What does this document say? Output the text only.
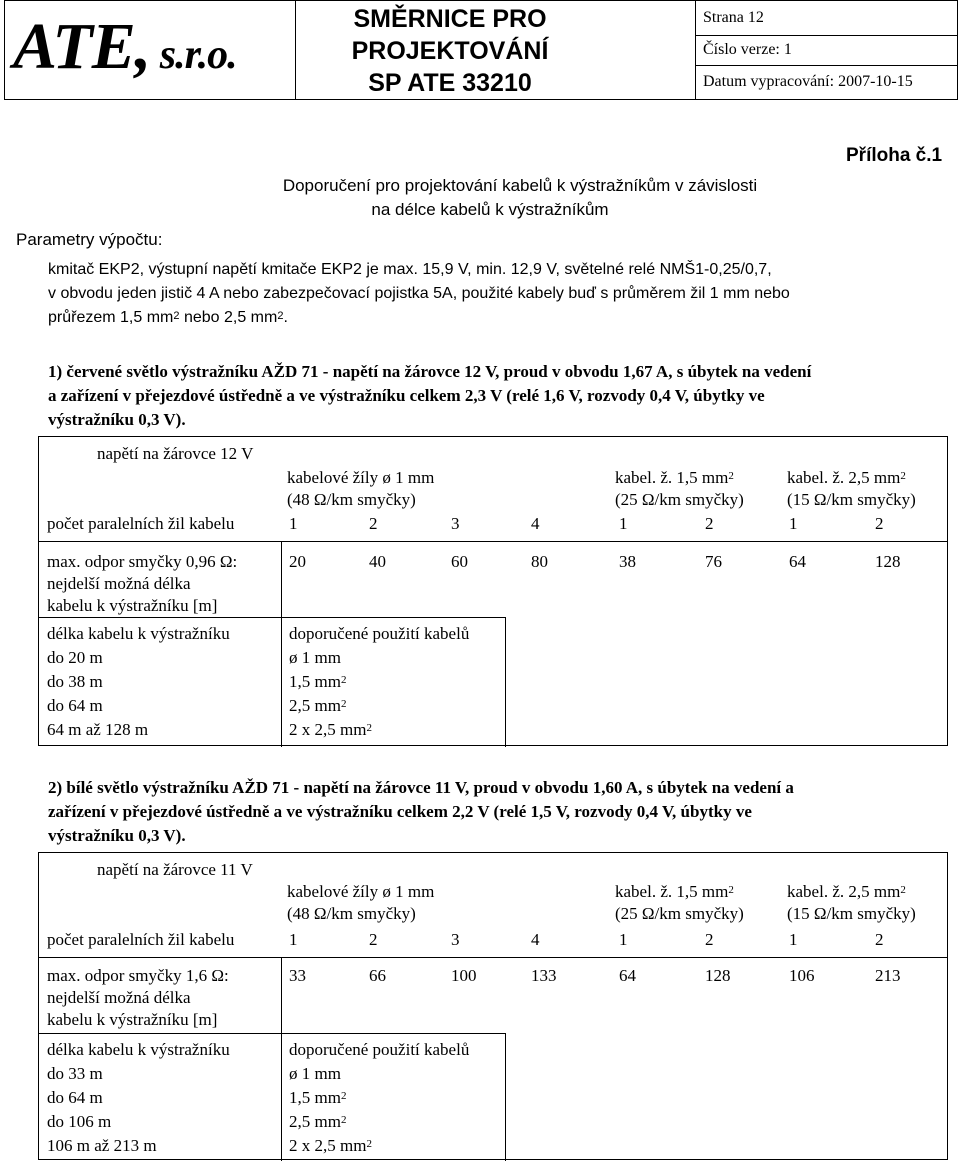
ATE, s.r.o.
SMĚRNICE PRO
PROJEKTOVÁNÍ
SP ATE 33210
Strana 12
Číslo verze: 1
Datum vypracování: 2007-10-15
Příloha č.1
Doporučení pro projektování kabelů k výstražníkům v závislosti
na délce kabelů k výstražníkům
Parametry výpočtu:
kmitač EKP2, výstupní napětí kmitače EKP2 je max. 15,9 V, min. 12,9 V, světelné relé NMŠ1-0,25/0,7,
v obvodu jeden jistič 4 A nebo zabezpečovací pojistka 5A, použité kabely buď s průměrem žil 1 mm nebo
průřezem 1,5 $mm^2$ nebo 2,5 $mm^2$.
1) červené světlo výstražníku AŽD 71 - napětí na žárovce 12 V, proud v obvodu 1,67 A, s úbytek na vedení
a zařízení v přejezdové ústředně a ve výstražníku celkem 2,3 V (relé 1,6 V, rozvody 0,4 V, úbytky ve
výstražníku 0,3 V).
napětí na žárovce 12 V
kabelové žíly ø 1 mm
(48 Ω/km smyčky)
kabel. ž. 1,5 $mm^2$
(25 Ω/km smyčky)
kabel. ž. 2,5 $mm^2$
(15 Ω/km smyčky)
počet paralelních žil kabelu	1	2	3	4	1	2	1	2
max. odpor smyčky 0,96 Ω:
nejdelší možná délka
kabelu k výstražníku [m]
20	40	60	80	38	76	64	128
délka kabelu k výstražníku	doporučené použití kabelů
do 20 m	ø 1 mm
do 38 m	1,5 $mm^2$
do 64 m	2,5 $mm^2$
64 m až 128 m	2 x 2,5 $mm^2$
2) bílé světlo výstražníku AŽD 71 - napětí na žárovce 11 V, proud v obvodu 1,60 A, s úbytek na vedení a
zařízení v přejezdové ústředně a ve výstražníku celkem 2,2 V (relé 1,5 V, rozvody 0,4 V, úbytky ve
výstražníku 0,3 V).
napětí na žárovce 11 V
kabelové žíly ø 1 mm
(48 Ω/km smyčky)
kabel. ž. 1,5 $mm^2$
(25 Ω/km smyčky)
kabel. ž. 2,5 $mm^2$
(15 Ω/km smyčky)
počet paralelních žil kabelu	1	2	3	4	1	2	1	2
max. odpor smyčky 1,6 Ω:
nejdelší možná délka
kabelu k výstražníku [m]
33	66	100	133	64	128	106	213
délka kabelu k výstražníku	doporučené použití kabelů
do 33 m	ø 1 mm
do 64 m	1,5 $mm^2$
do 106 m	2,5 $mm^2$
106 m až 213 m	2 x 2,5 $mm^2$
